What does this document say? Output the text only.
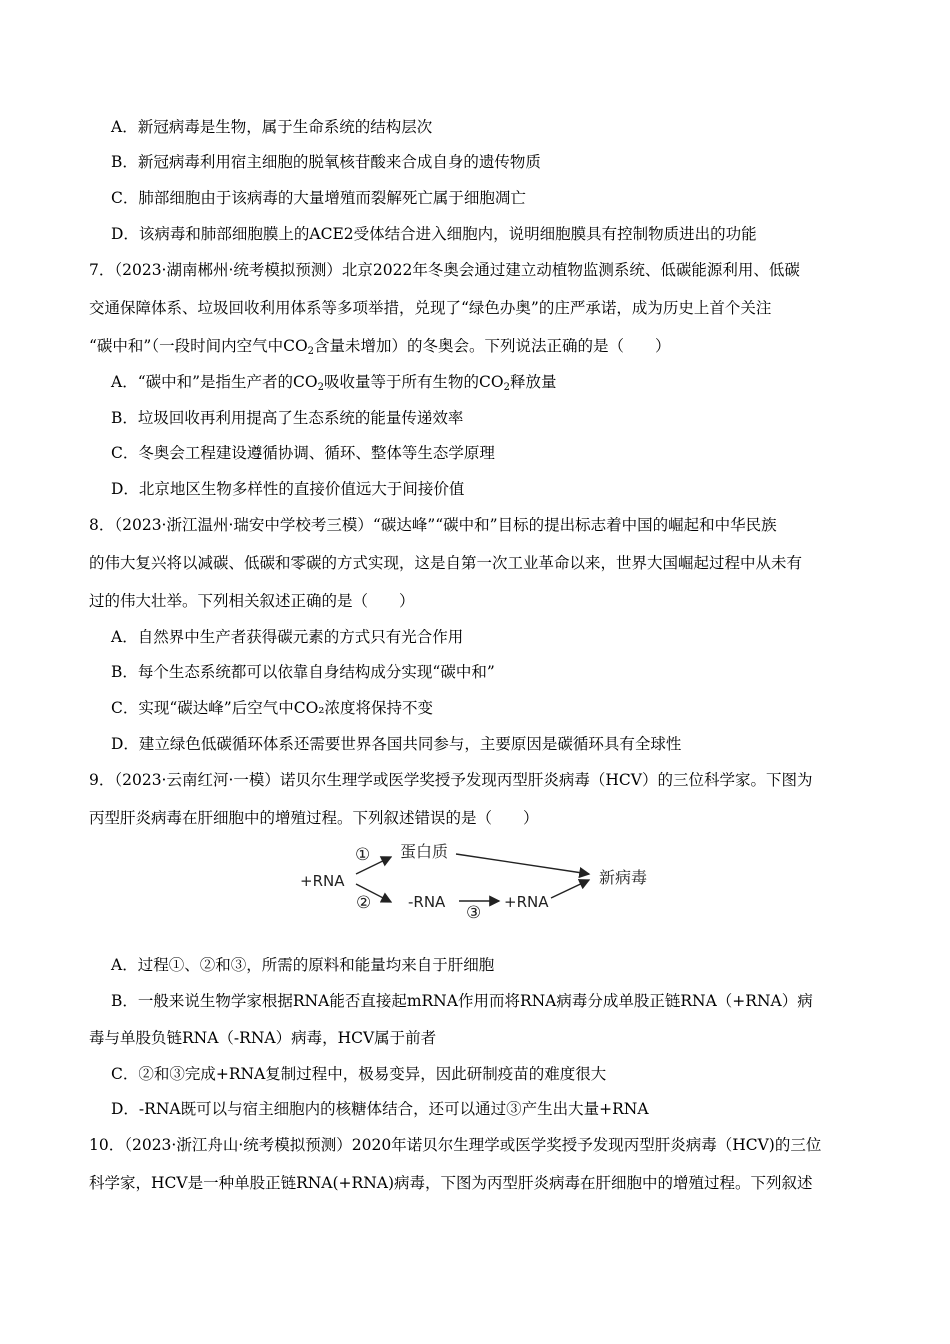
A．新冠病毒是生物，属于生命系统的结构层次
B．新冠病毒利用宿主细胞的脱氧核苷酸来合成自身的遗传物质
C．肺部细胞由于该病毒的大量增殖而裂解死亡属于细胞凋亡
D．该病毒和肺部细胞膜上的ACE2受体结合进入细胞内，说明细胞膜具有控制物质进出的功能
7．（2023·湖南郴州·统考模拟预测）北京2022年冬奥会通过建立动植物监测系统、低碳能源利用、低碳
交通保障体系、垃圾回收利用体系等多项举措，兑现了“绿色办奥”的庄严承诺，成为历史上首个关注
“碳中和”（一段时间内空气中$CO_2$含量未增加）的冬奥会。下列说法正确的是（　　）
A．“碳中和”是指生产者的$CO_2$吸收量等于所有生物的$CO_2$释放量
B．垃圾回收再利用提高了生态系统的能量传递效率
C．冬奥会工程建设遵循协调、循环、整体等生态学原理
D．北京地区生物多样性的直接价值远大于间接价值
8．（2023·浙江温州·瑞安中学校考三模）“碳达峰”“碳中和”目标的提出标志着中国的崛起和中华民族
的伟大复兴将以减碳、低碳和零碳的方式实现，这是自第一次工业革命以来，世界大国崛起过程中从未有
过的伟大壮举。下列相关叙述正确的是（　　）
A．自然界中生产者获得碳元素的方式只有光合作用
B．每个生态系统都可以依靠自身结构成分实现“碳中和”
C．实现“碳达峰”后空气中CO₂浓度将保持不变
D．建立绿色低碳循环体系还需要世界各国共同参与，主要原因是碳循环具有全球性
9．（2023·云南红河·一模）诺贝尔生理学或医学奖授予发现丙型肝炎病毒（HCV）的三位科学家。下图为
丙型肝炎病毒在肝细胞中的增殖过程。下列叙述错误的是（　　）
+RNA
蛋白质
-RNA	+RNA
新病毒
①
②	③
A．过程①、②和③，所需的原料和能量均来自于肝细胞
B．一般来说生物学家根据RNA能否直接起mRNA作用而将RNA病毒分成单股正链RNA（+RNA）病
毒与单股负链RNA（-RNA）病毒，HCV属于前者
C．②和③完成+RNA复制过程中，极易变异，因此研制疫苗的难度很大
D．-RNA既可以与宿主细胞内的核糖体结合，还可以通过③产生出大量+RNA
10．（2023·浙江舟山·统考模拟预测）2020年诺贝尔生理学或医学奖授予发现丙型肝炎病毒（HCV)的三位
科学家，HCV是一种单股正链RNA(+RNA)病毒，下图为丙型肝炎病毒在肝细胞中的增殖过程。下列叙述
